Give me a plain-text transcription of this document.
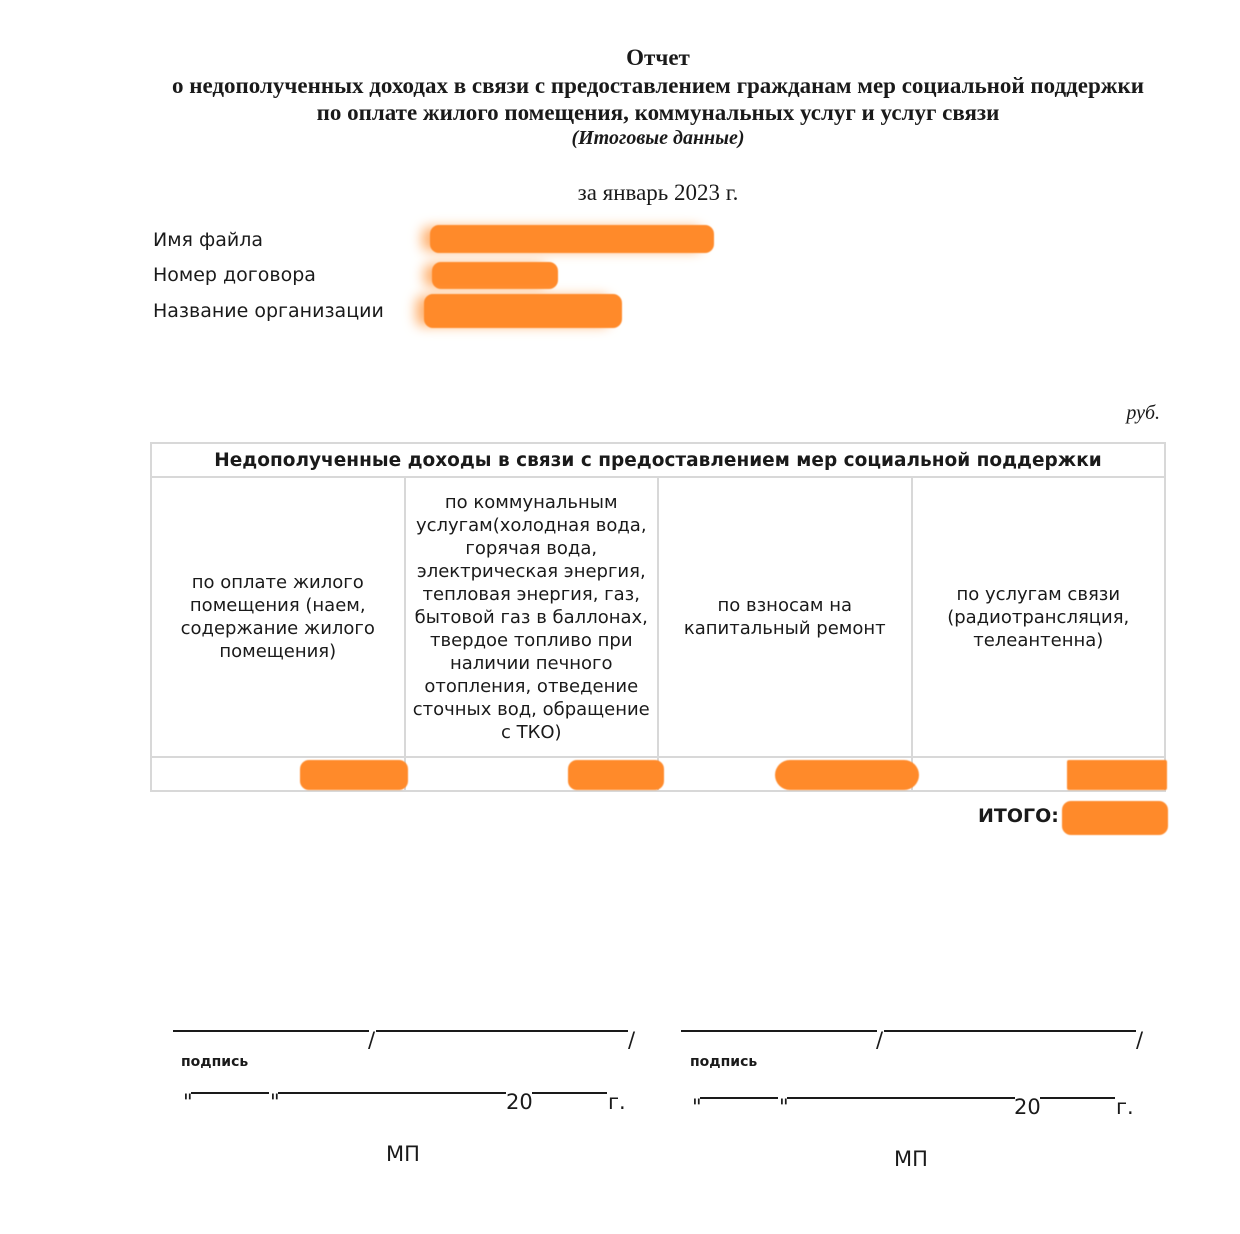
Отчет
о недополученных доходах в связи с предоставлением гражданам мер социальной поддержки
по оплате жилого помещения, коммунальных услуг и услуг связи
(Итоговые данные)
за январь 2023 г.
Имя файла
Номер договора
Название организации
руб.
Недополученные доходы в связи с предоставлением мер социальной поддержки			
по оплате жилого помещения (наем, содержание жилого помещения)	по коммунальным услугам(холодная вода, горячая вода, электрическая энергия, тепловая энергия, газ, бытовой газ в баллонах, твердое топливо при наличии печного отопления, отведение сточных вод, обращение с ТКО)	по взносам на капитальный ремонт	по услугам связи (радиотрансляция, телеантенна)

ИТОГО:
/	/
подпись
"	"	20	г.
МП
/	/
подпись
"	"	20	г.
МП
